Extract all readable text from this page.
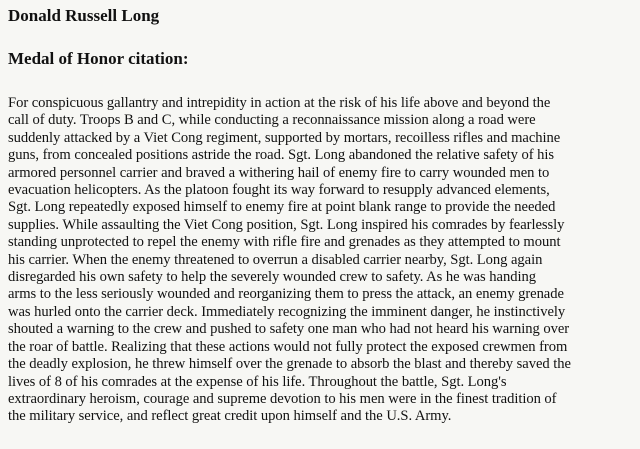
Donald Russell Long
Medal of Honor citation:
For conspicuous gallantry and intrepidity in action at the risk of his life above and beyond the
call of duty. Troops B and C, while conducting a reconnaissance mission along a road were
suddenly attacked by a Viet Cong regiment, supported by mortars, recoilless rifles and machine
guns, from concealed positions astride the road. Sgt. Long abandoned the relative safety of his
armored personnel carrier and braved a withering hail of enemy fire to carry wounded men to
evacuation helicopters. As the platoon fought its way forward to resupply advanced elements,
Sgt. Long repeatedly exposed himself to enemy fire at point blank range to provide the needed
supplies. While assaulting the Viet Cong position, Sgt. Long inspired his comrades by fearlessly
standing unprotected to repel the enemy with rifle fire and grenades as they attempted to mount
his carrier. When the enemy threatened to overrun a disabled carrier nearby, Sgt. Long again
disregarded his own safety to help the severely wounded crew to safety. As he was handing
arms to the less seriously wounded and reorganizing them to press the attack, an enemy grenade
was hurled onto the carrier deck. Immediately recognizing the imminent danger, he instinctively
shouted a warning to the crew and pushed to safety one man who had not heard his warning over
the roar of battle. Realizing that these actions would not fully protect the exposed crewmen from
the deadly explosion, he threw himself over the grenade to absorb the blast and thereby saved the
lives of 8 of his comrades at the expense of his life. Throughout the battle, Sgt. Long's
extraordinary heroism, courage and supreme devotion to his men were in the finest tradition of
the military service, and reflect great credit upon himself and the U.S. Army.
